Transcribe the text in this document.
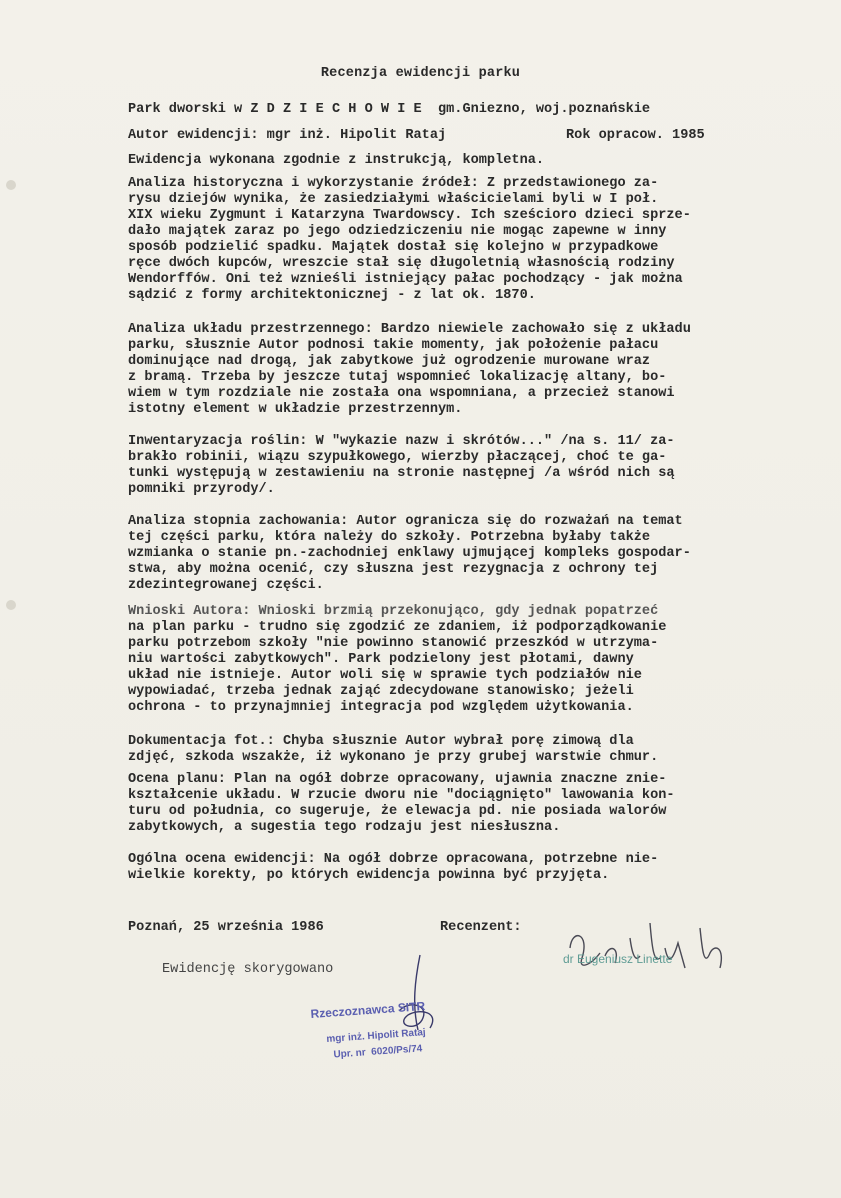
Recenzja ewidencji parku
Park dworski w Z D Z I E C H O W I E  gm.Gniezno, woj.poznańskie
Autor ewidencji: mgr inż. Hipolit Rataj	Rok opracow. 1985
Ewidencja wykonana zgodnie z instrukcją, kompletna.
Analiza historyczna i wykorzystanie źródeł: Z przedstawionego za-
rysu dziejów wynika, że zasiedziałymi właścicielami byli w I poł.
XIX wieku Zygmunt i Katarzyna Twardowscy. Ich sześcioro dzieci sprze-
dało majątek zaraz po jego odziedziczeniu nie mogąc zapewne w inny
sposób podzielić spadku. Majątek dostał się kolejno w przypadkowe
ręce dwóch kupców, wreszcie stał się długoletnią własnością rodziny
Wendorffów. Oni też wznieśli istniejący pałac pochodzący - jak można
sądzić z formy architektonicznej - z lat ok. 1870.
Analiza układu przestrzennego: Bardzo niewiele zachowało się z układu
parku, słusznie Autor podnosi takie momenty, jak położenie pałacu
dominujące nad drogą, jak zabytkowe już ogrodzenie murowane wraz
z bramą. Trzeba by jeszcze tutaj wspomnieć lokalizację altany, bo-
wiem w tym rozdziale nie została ona wspomniana, a przecież stanowi
istotny element w układzie przestrzennym.
Inwentaryzacja roślin: W "wykazie nazw i skrótów..." /na s. 11/ za-
brakło robinii, wiązu szypułkowego, wierzby płaczącej, choć te ga-
tunki występują w zestawieniu na stronie następnej /a wśród nich są
pomniki przyrody/.
Analiza stopnia zachowania: Autor ogranicza się do rozważań na temat
tej części parku, która należy do szkoły. Potrzebna byłaby także
wzmianka o stanie pn.-zachodniej enklawy ujmującej kompleks gospodar-
stwa, aby można ocenić, czy słuszna jest rezygnacja z ochrony tej
zdezintegrowanej części.
Wnioski Autora: Wnioski brzmią przekonująco, gdy jednak popatrzeć
na plan parku - trudno się zgodzić ze zdaniem, iż podporządkowanie
parku potrzebom szkoły "nie powinno stanowić przeszkód w utrzyma-
niu wartości zabytkowych". Park podzielony jest płotami, dawny
układ nie istnieje. Autor woli się w sprawie tych podziałów nie
wypowiadać, trzeba jednak zająć zdecydowane stanowisko; jeżeli
ochrona - to przynajmniej integracja pod względem użytkowania.
Dokumentacja fot.: Chyba słusznie Autor wybrał porę zimową dla
zdjęć, szkoda wszakże, iż wykonano je przy grubej warstwie chmur.
Ocena planu: Plan na ogół dobrze opracowany, ujawnia znaczne znie-
kształcenie układu. W rzucie dworu nie "dociągnięto" lawowania kon-
turu od południa, co sugeruje, że elewacja pd. nie posiada walorów
zabytkowych, a sugestia tego rodzaju jest niesłuszna.
Ogólna ocena ewidencji: Na ogół dobrze opracowana, potrzebne nie-
wielkie korekty, po których ewidencja powinna być przyjęta.
Poznań, 25 września 1986	Recenzent:
Ewidencję skorygowano
Rzeczoznawca SITR
mgr inż. Hipolit Rataj
Upr. nr  6020/Ps/74
dr Eugeniusz Linette
